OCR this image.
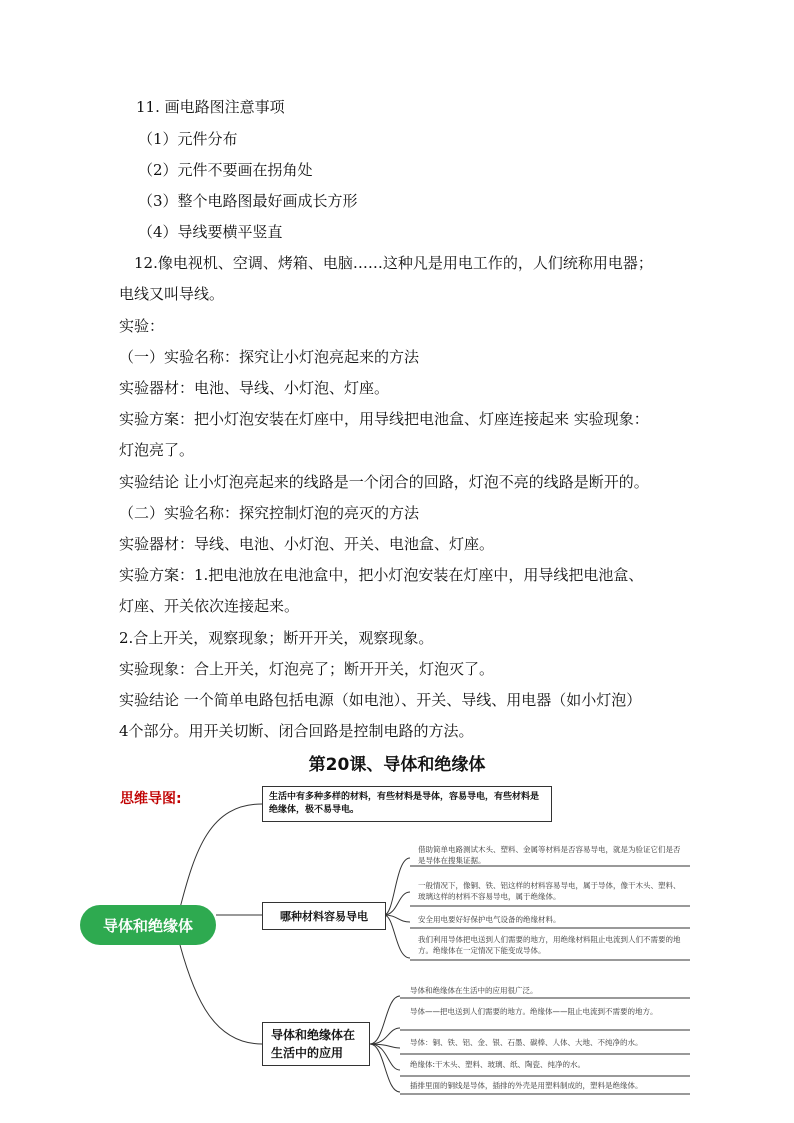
11. 画电路图注意事项
（1）元件分布
（2）元件不要画在拐角处
（3）整个电路图最好画成长方形
（4）导线要横平竖直
12.像电视机、空调、烤箱、电脑……这种凡是用电工作的，人们统称用电器；
电线又叫导线。
实验：
（一）实验名称：探究让小灯泡亮起来的方法
实验器材：电池、导线、小灯泡、灯座。
实验方案：把小灯泡安装在灯座中，用导线把电池盒、灯座连接起来 实验现象：
灯泡亮了。
实验结论 让小灯泡亮起来的线路是一个闭合的回路，灯泡不亮的线路是断开的。
（二）实验名称：探究控制灯泡的亮灭的方法
实验器材：导线、电池、小灯泡、开关、电池盒、灯座。
实验方案：1.把电池放在电池盒中，把小灯泡安装在灯座中，用导线把电池盒、
灯座、开关依次连接起来。
2.合上开关，观察现象；断开开关，观察现象。
实验现象：合上开关，灯泡亮了；断开开关，灯泡灭了。
实验结论 一个简单电路包括电源（如电池）、开关、导线、用电器（如小灯泡）
4个部分。用开关切断、闭合回路是控制电路的方法。
第20课、导体和绝缘体
思维导图:
导体和绝缘体
生活中有多种多样的材料，有些材料是导体，容易导电，有些材料是绝缘体，极不易导电。
哪种材料容易导电
导体和绝缘体在生活中的应用
借助简单电路测试木头、塑料、金属等材料是否容易导电，就是为验证它们是否是导体在搜集证据。
一般情况下，像铜、铁、铝这样的材料容易导电，属于导体，像干木头、塑料、玻璃这样的材料不容易导电，属于绝缘体。
安全用电要好好保护电气设备的绝缘材料。
我们利用导体把电送到人们需要的地方，用绝缘材料阻止电流到人们不需要的地方。绝缘体在一定情况下能变成导体。
导体和绝缘体在生活中的应用很广泛。
导体——把电送到人们需要的地方。绝缘体——阻止电流到不需要的地方。
导体：铜、铁、铝、金、银、石墨、碳棒、人体、大地、不纯净的水。
绝缘体:干木头、塑料、玻璃、纸、陶瓷、纯净的水。
插排里面的铜线是导体，插排的外壳是用塑料制成的，塑料是绝缘体。
